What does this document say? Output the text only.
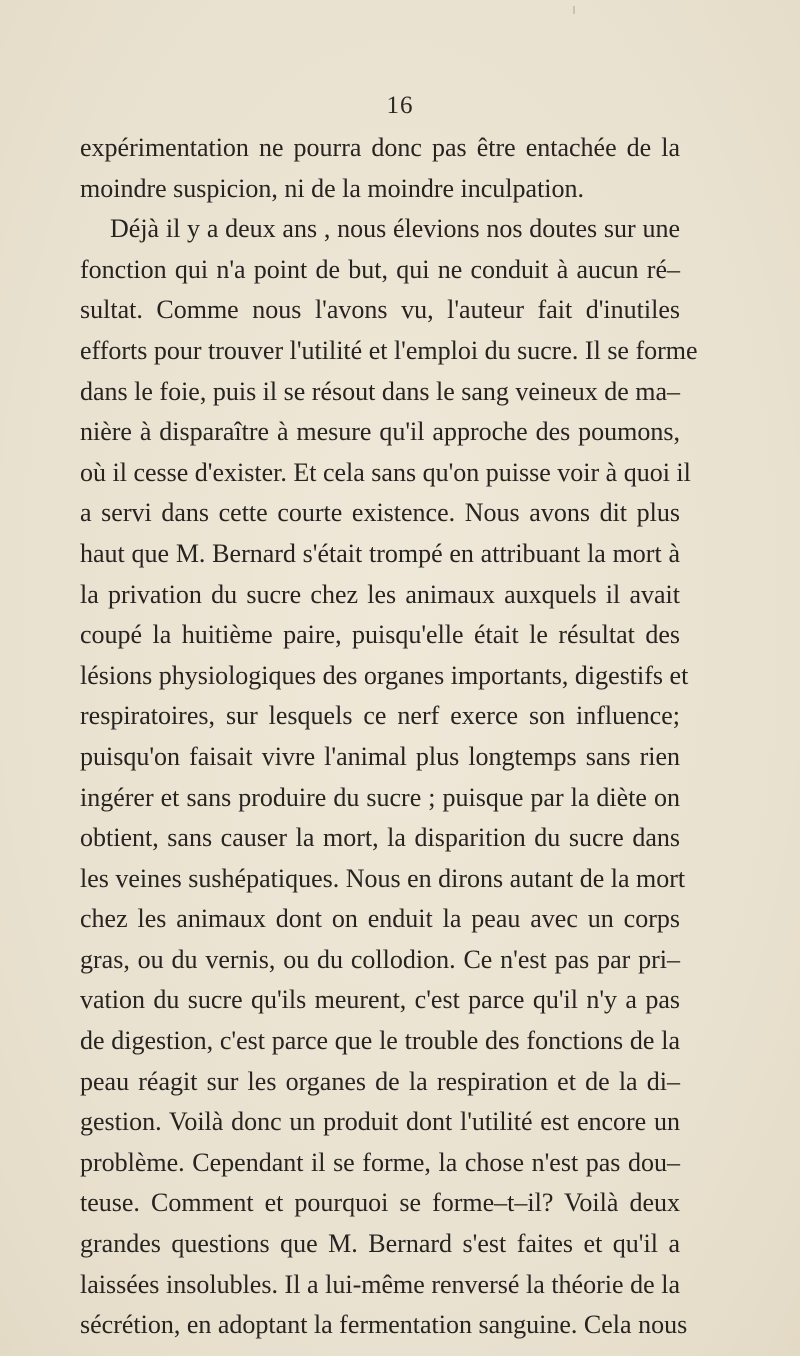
16
expérimentation ne pourra donc pas être entachée de la
moindre suspicion, ni de la moindre inculpation.
Déjà il y a deux ans , nous élevions nos doutes sur une
fonction qui n'a point de but, qui ne conduit à aucun ré–
sultat. Comme nous l'avons vu, l'auteur fait d'inutiles
efforts pour trouver l'utilité et l'emploi du sucre. Il se forme
dans le foie, puis il se résout dans le sang veineux de ma–
nière à disparaître à mesure qu'il approche des poumons,
où il cesse d'exister. Et cela sans qu'on puisse voir à quoi il
a servi dans cette courte existence. Nous avons dit plus
haut que M. Bernard s'était trompé en attribuant la mort à
la privation du sucre chez les animaux auxquels il avait
coupé la huitième paire, puisqu'elle était le résultat des
lésions physiologiques des organes importants, digestifs et
respiratoires, sur lesquels ce nerf exerce son influence;
puisqu'on faisait vivre l'animal plus longtemps sans rien
ingérer et sans produire du sucre ; puisque par la diète on
obtient, sans causer la mort, la disparition du sucre dans
les veines sushépatiques. Nous en dirons autant de la mort
chez les animaux dont on enduit la peau avec un corps
gras, ou du vernis, ou du collodion. Ce n'est pas par pri–
vation du sucre qu'ils meurent, c'est parce qu'il n'y a pas
de digestion, c'est parce que le trouble des fonctions de la
peau réagit sur les organes de la respiration et de la di–
gestion. Voilà donc un produit dont l'utilité est encore un
problème. Cependant il se forme, la chose n'est pas dou–
teuse. Comment et pourquoi se forme–t–il? Voilà deux
grandes questions que M. Bernard s'est faites et qu'il a
laissées insolubles. Il a lui-même renversé la théorie de la
sécrétion, en adoptant la fermentation sanguine. Cela nous
